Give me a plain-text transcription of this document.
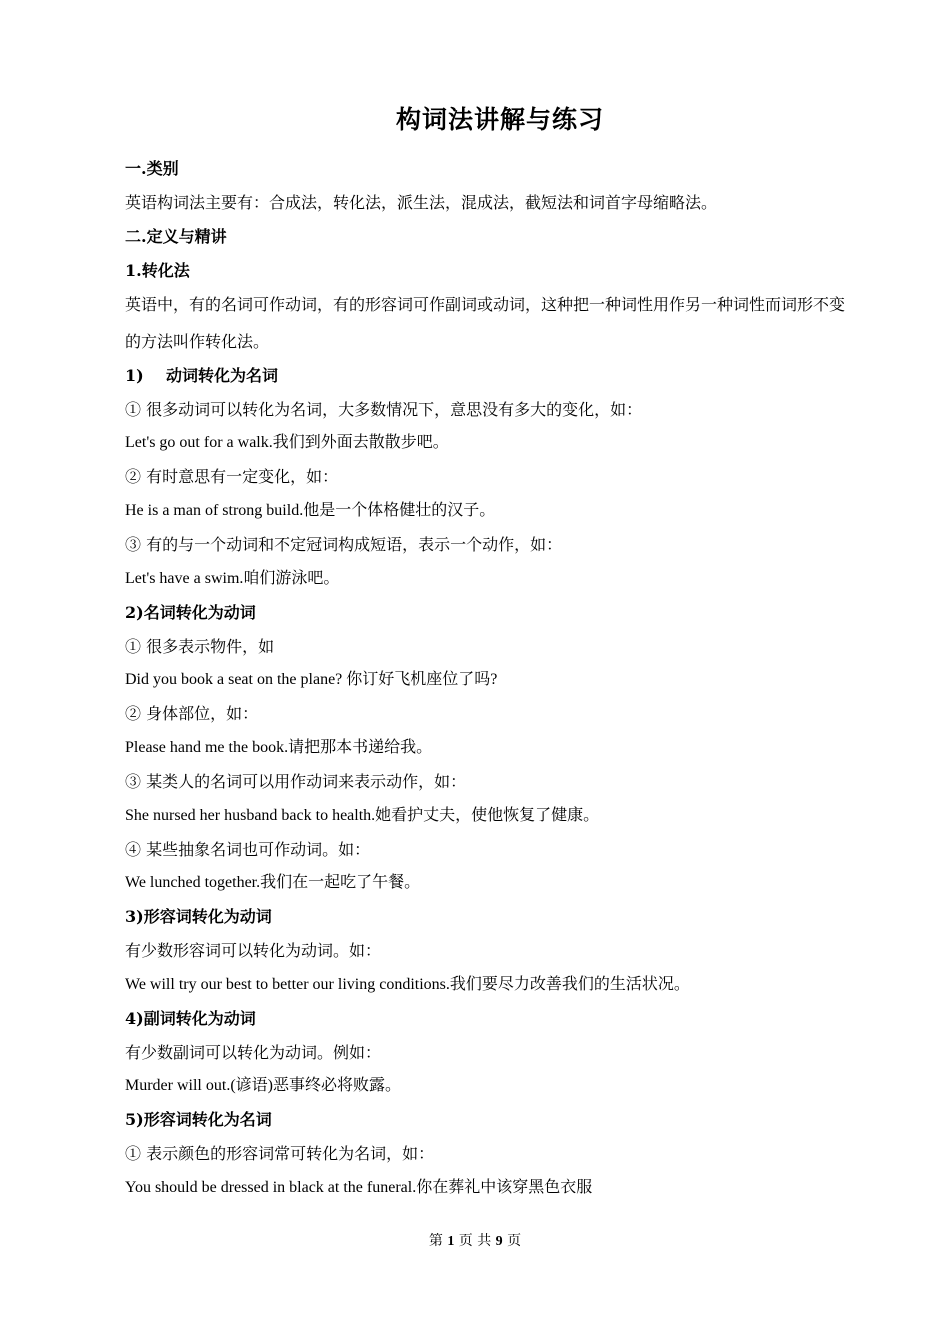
构词法讲解与练习
一.类别
英语构词法主要有：合成法，转化法，派生法，混成法，截短法和词首字母缩略法。
二.定义与精讲
1.转化法
英语中，有的名词可作动词，有的形容词可作副词或动词，这种把一种词性用作另一种词性而词形不变
的方法叫作转化法。
1)    动词转化为名词
① 很多动词可以转化为名词，大多数情况下，意思没有多大的变化，如：
Let's go out for a walk.我们到外面去散散步吧。
② 有时意思有一定变化，如：
He is a man of strong build.他是一个体格健壮的汉子。
③ 有的与一个动词和不定冠词构成短语，表示一个动作，如：
Let's have a swim.咱们游泳吧。
2)名词转化为动词
① 很多表示物件，如
Did you book a seat on the plane? 你订好飞机座位了吗?
② 身体部位，如：
Please hand me the book.请把那本书递给我。
③ 某类人的名词可以用作动词来表示动作，如：
She nursed her husband back to health.她看护丈夫，使他恢复了健康。
④ 某些抽象名词也可作动词。如：
We lunched together.我们在一起吃了午餐。
3)形容词转化为动词
有少数形容词可以转化为动词。如：
We will try our best to better our living conditions.我们要尽力改善我们的生活状况。
4)副词转化为动词
有少数副词可以转化为动词。例如：
Murder will out.(谚语)恶事终必将败露。
5)形容词转化为名词
① 表示颜色的形容词常可转化为名词，如：
You should be dressed in black at the funeral.你在葬礼中该穿黑色衣服
第 1 页 共 9 页
